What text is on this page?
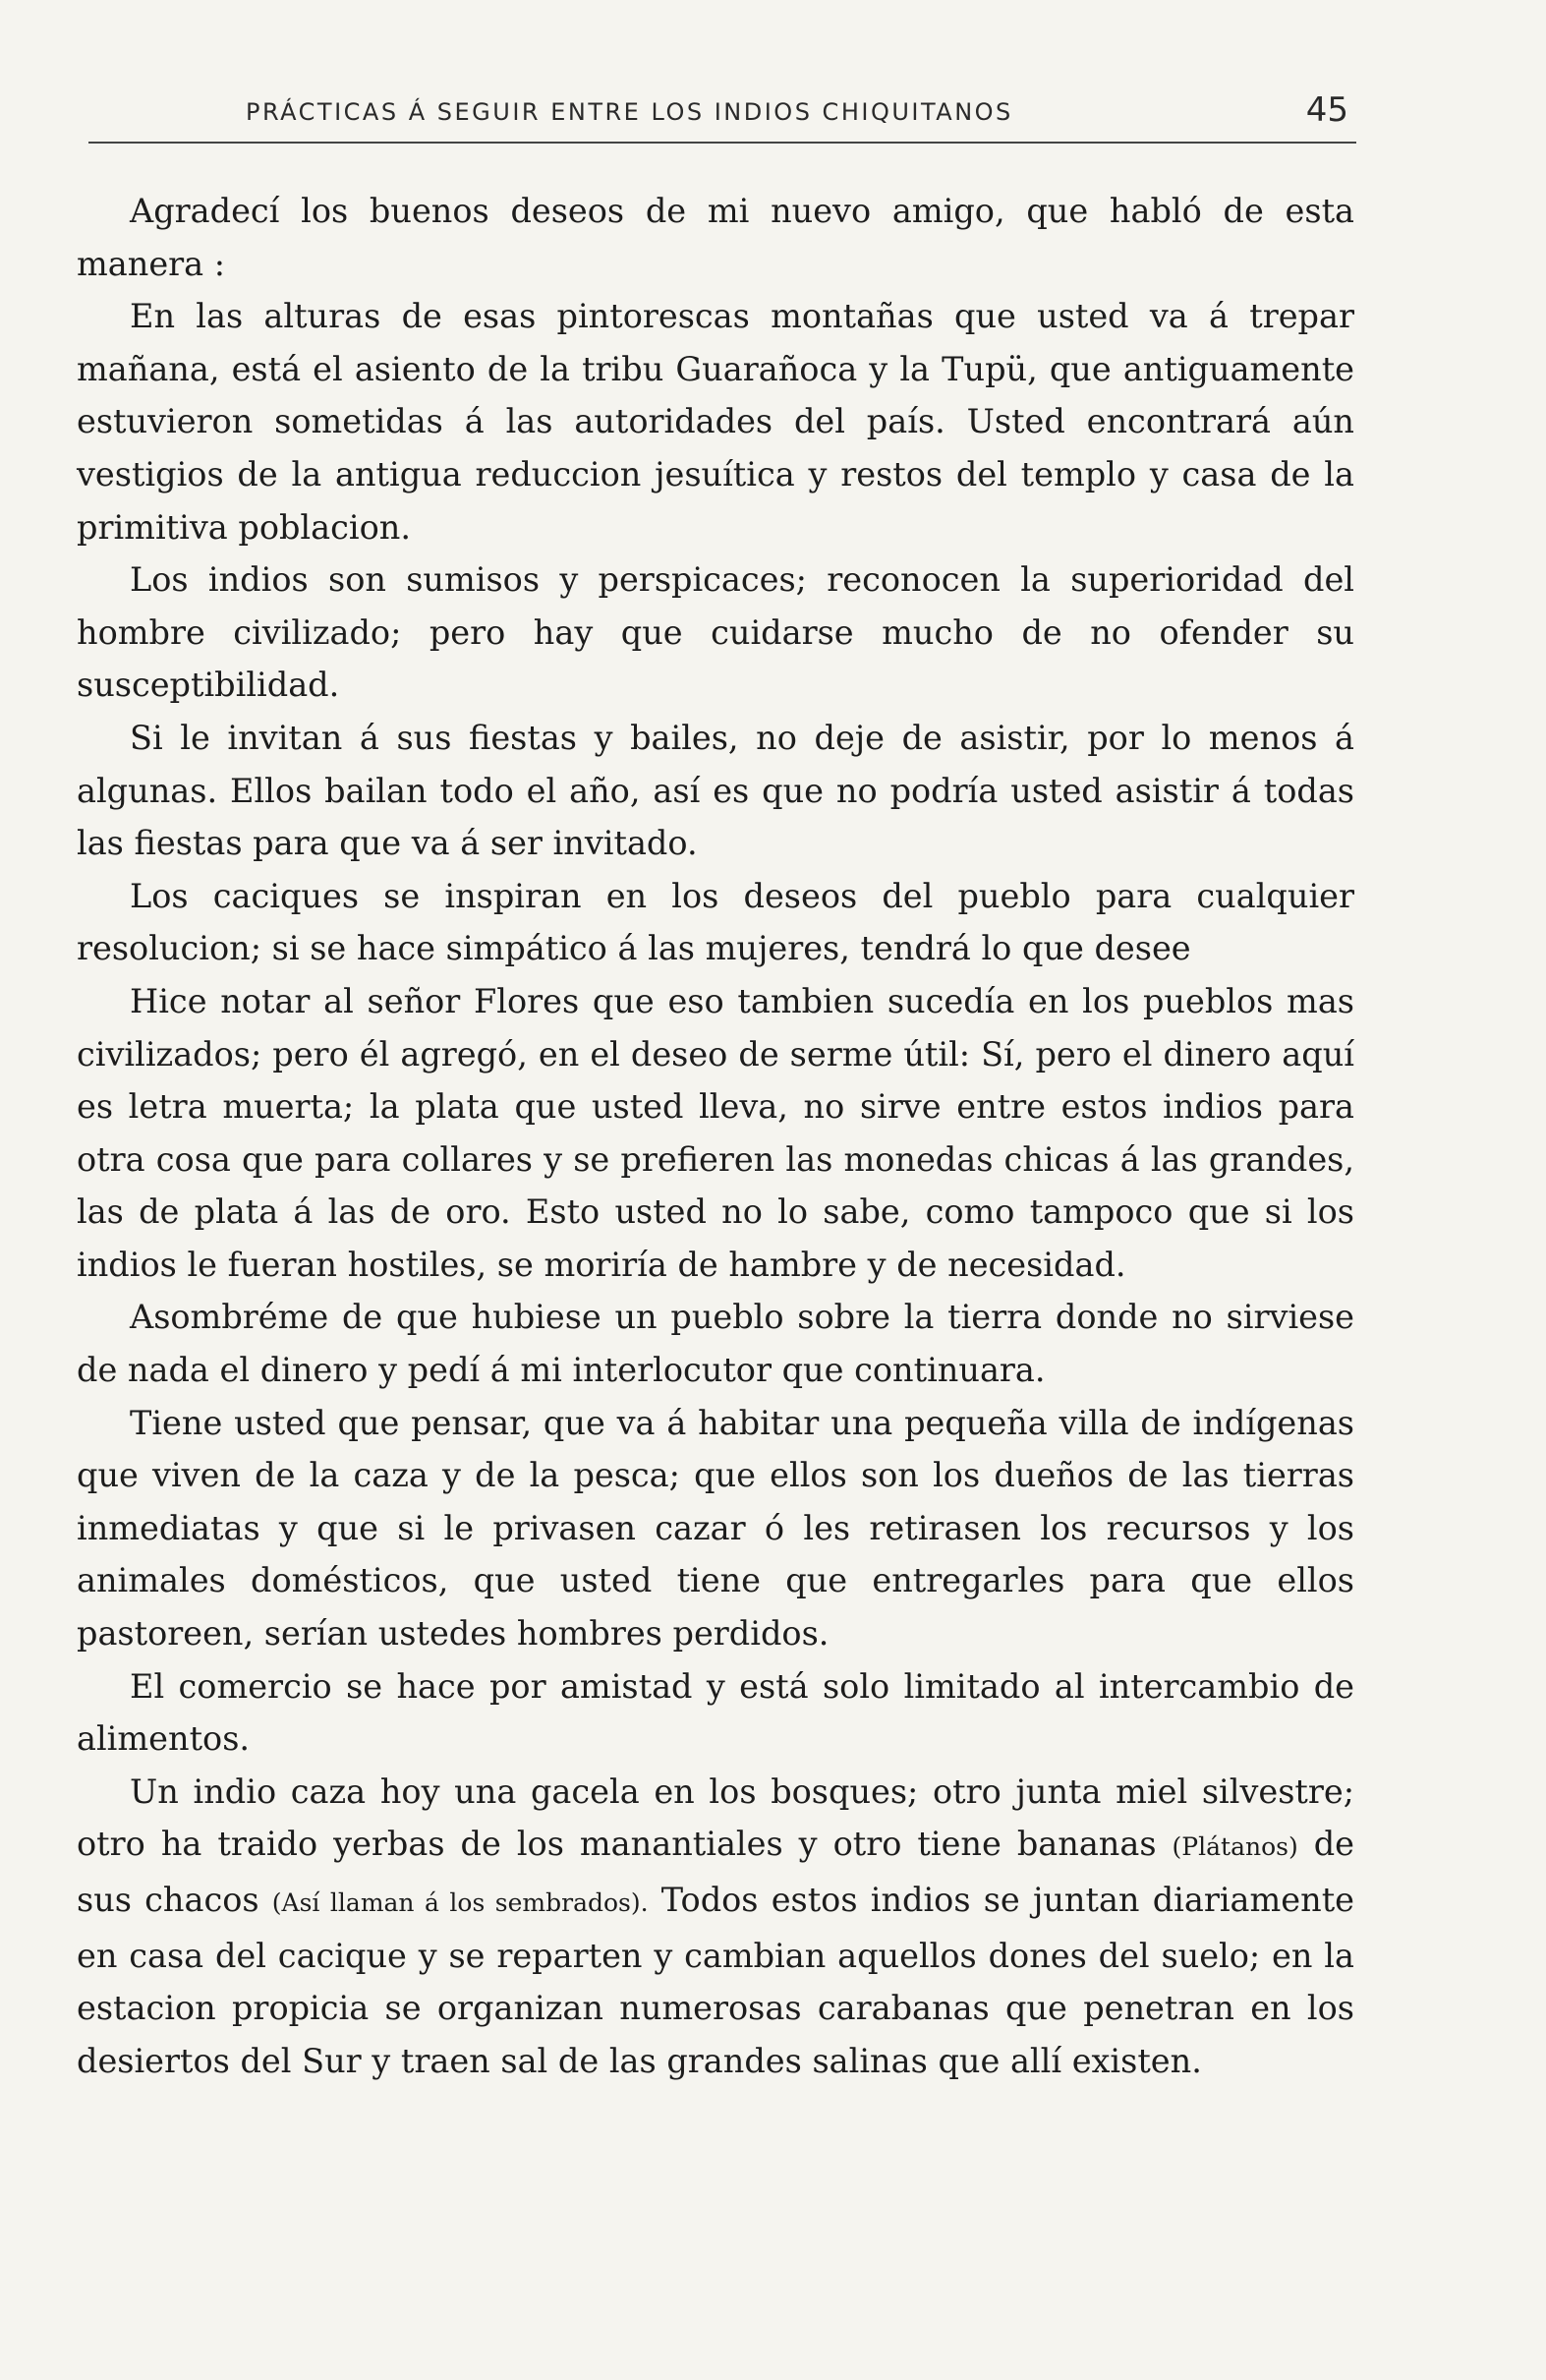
PRÁCTICAS Á SEGUIR ENTRE LOS INDIOS CHIQUITANOS	45

Agradecí los buenos deseos de mi nuevo amigo, que habló de esta manera :

En las alturas de esas pintorescas montañas que usted va á trepar mañana, está el asiento de la tribu Guarañoca y la Tupü, que antiguamente estuvieron sometidas á las autoridades del país. Usted encontrará aún vestigios de la antigua reduccion jesuítica y restos del templo y casa de la primitiva poblacion.

Los indios son sumisos y perspicaces; reconocen la superioridad del hombre civilizado; pero hay que cuidarse mucho de no ofender su susceptibilidad.

Si le invitan á sus fiestas y bailes, no deje de asistir, por lo menos á algunas. Ellos bailan todo el año, así es que no podría usted asistir á todas las fiestas para que va á ser invitado.

Los caciques se inspiran en los deseos del pueblo para cualquier resolucion; si se hace simpático á las mujeres, tendrá lo que desee

Hice notar al señor Flores que eso tambien sucedía en los pueblos mas civilizados; pero él agregó, en el deseo de serme útil: Sí, pero el dinero aquí es letra muerta; la plata que usted lleva, no sirve entre estos indios para otra cosa que para collares y se prefieren las monedas chicas á las grandes, las de plata á las de oro. Esto usted no lo sabe, como tampoco que si los indios le fueran hostiles, se moriría de hambre y de necesidad.

Asombréme de que hubiese un pueblo sobre la tierra donde no sirviese de nada el dinero y pedí á mi interlocutor que continuara.

Tiene usted que pensar, que va á habitar una pequeña villa de indígenas que viven de la caza y de la pesca; que ellos son los dueños de las tierras inmediatas y que si le privasen cazar ó les retirasen los recursos y los animales domésticos, que usted tiene que entregarles para que ellos pastoreen, serían ustedes hombres perdidos.

El comercio se hace por amistad y está solo limitado al intercambio de alimentos.

Un indio caza hoy una gacela en los bosques; otro junta miel silvestre; otro ha traido yerbas de los manantiales y otro tiene bananas (Plátanos) de sus chacos (Así llaman á los sembrados). Todos estos indios se juntan diariamente en casa del cacique y se reparten y cambian aquellos dones del suelo; en la estacion propicia se organizan numerosas carabanas que penetran en los desiertos del Sur y traen sal de las grandes salinas que allí existen.
